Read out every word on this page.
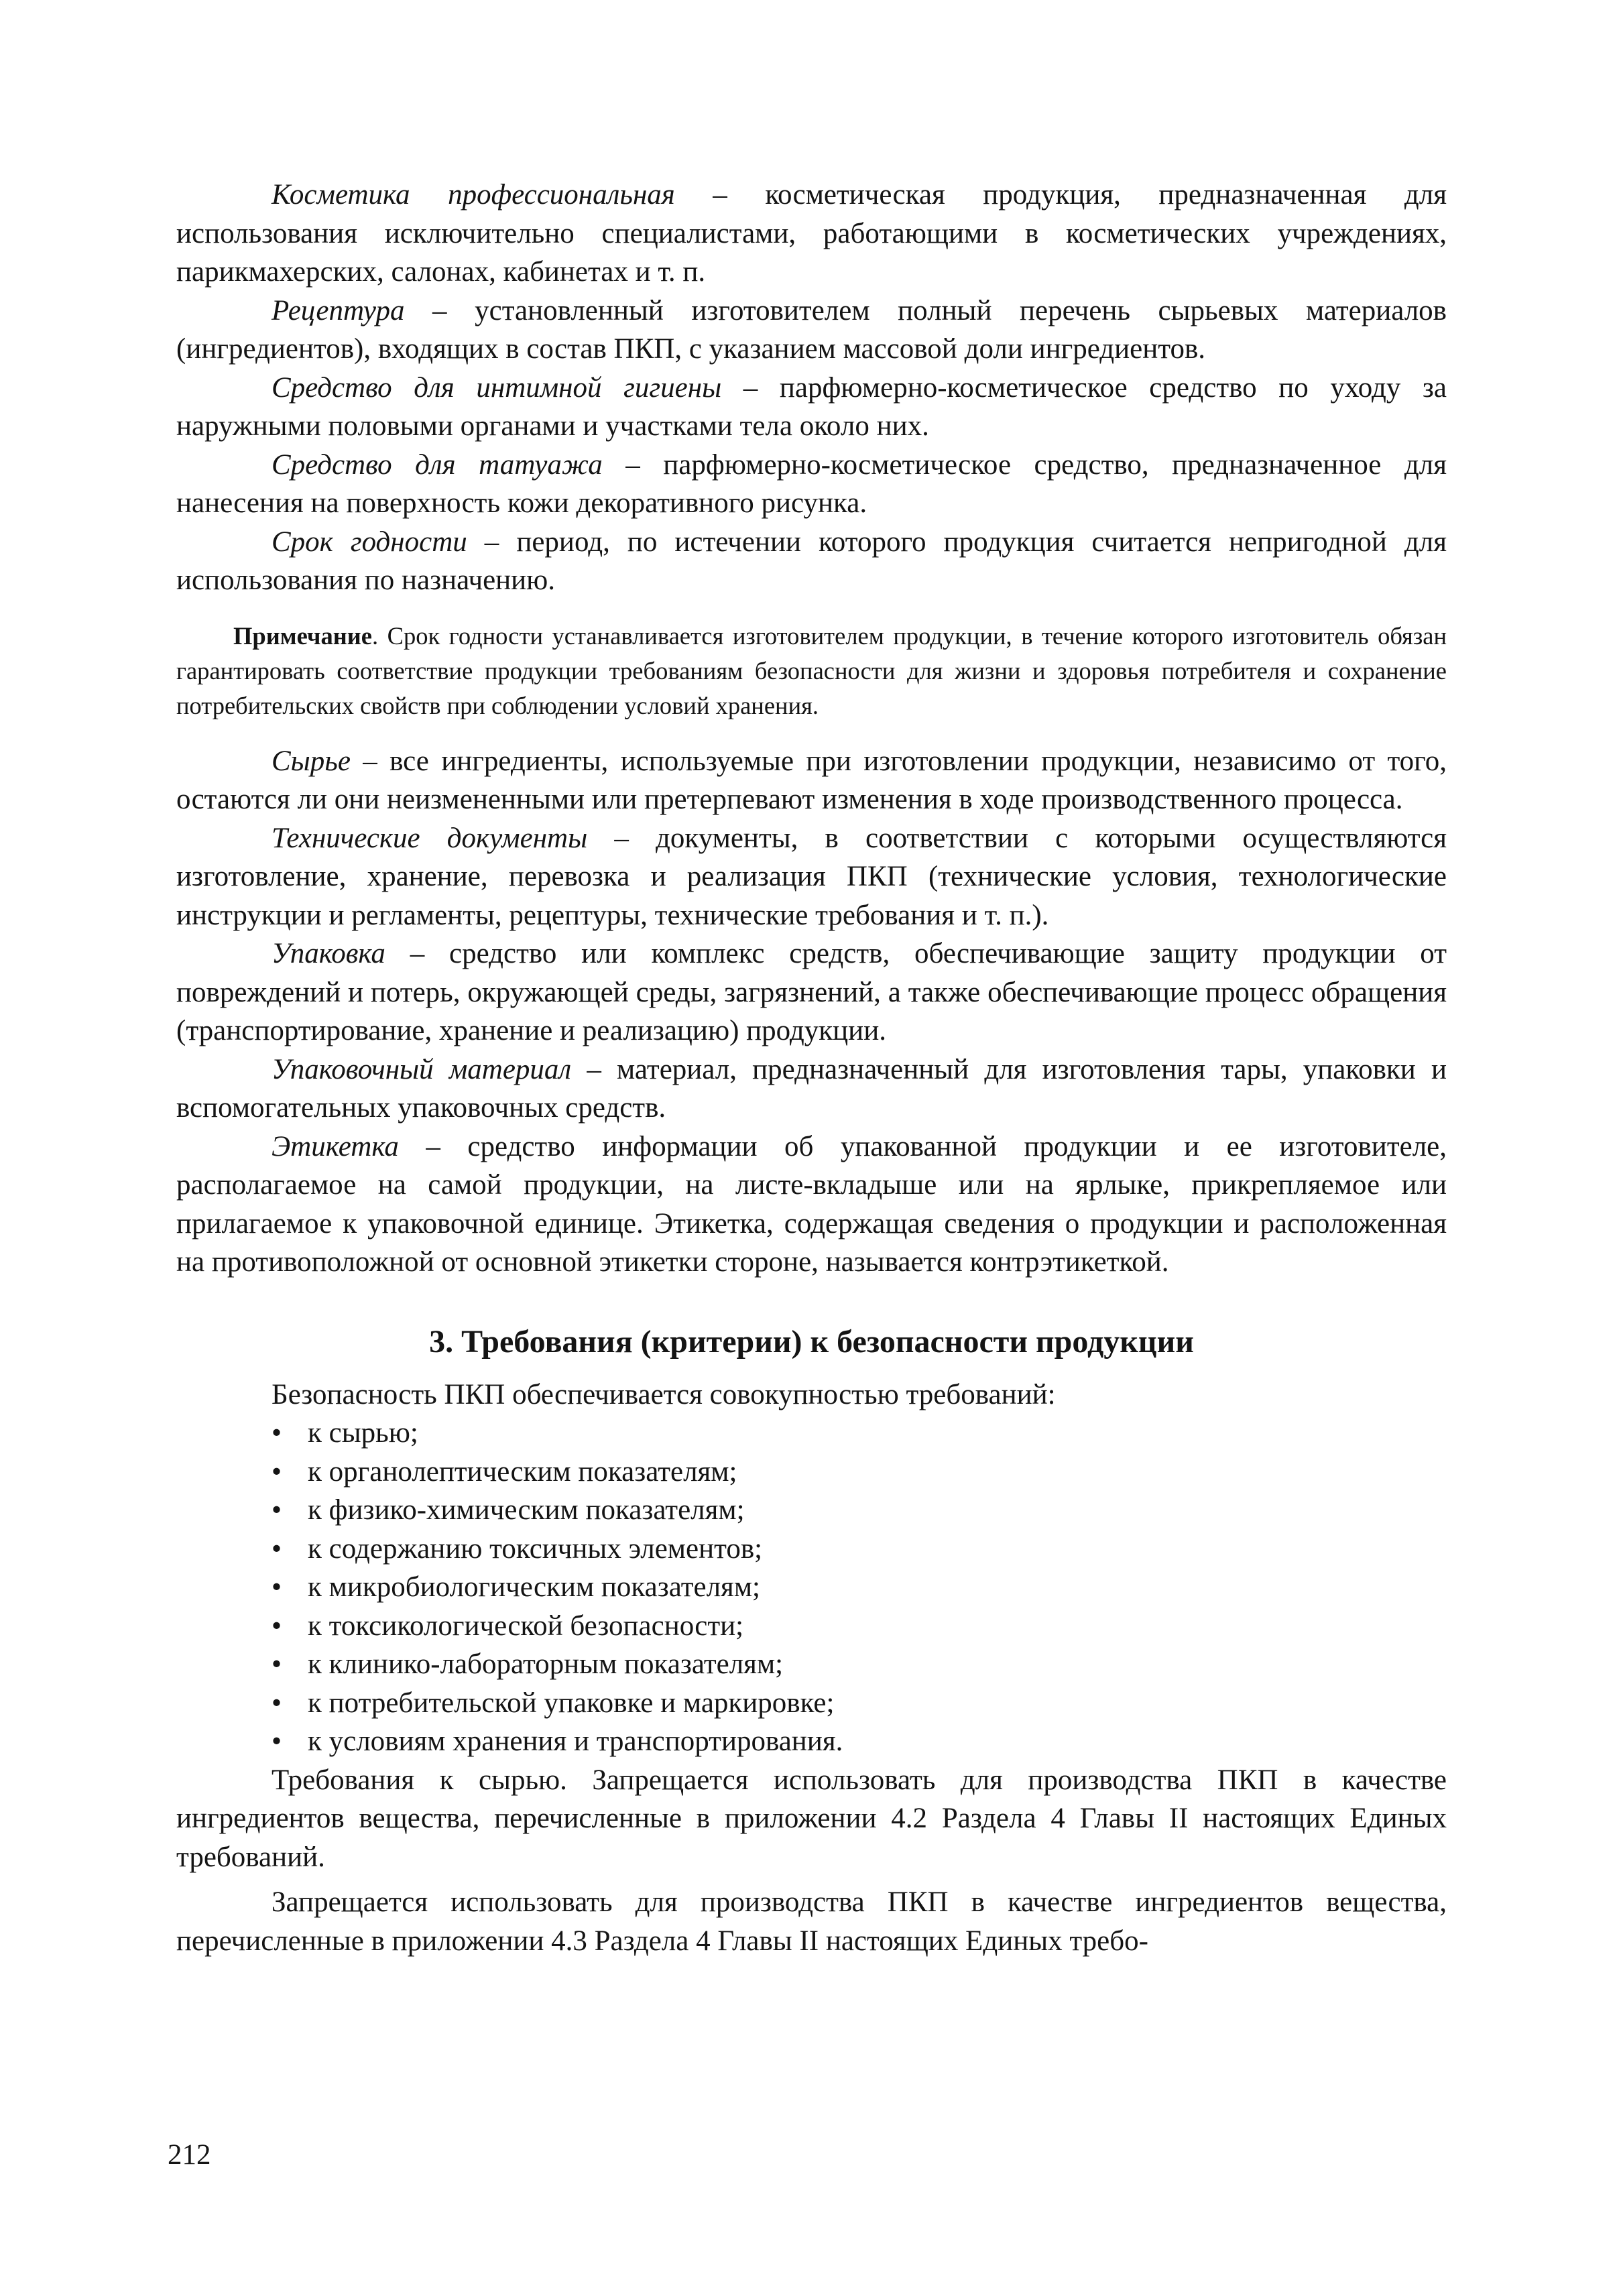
Косметика профессиональная – косметическая продукция, предназначенная для использования исключительно специалистами, работающими в косметических учреждениях, парикмахерских, салонах, кабинетах и т. п.

Рецептура – установленный изготовителем полный перечень сырьевых материалов (ингредиентов), входящих в состав ПКП, с указанием массовой доли ингредиентов.

Средство для интимной гигиены – парфюмерно-косметическое средство по уходу за наружными половыми органами и участками тела около них.

Средство для татуажа – парфюмерно-косметическое средство, предназначенное для нанесения на поверхность кожи декоративного рисунка.

Срок годности – период, по истечении которого продукция считается непригодной для использования по назначению.

Примечание. Срок годности устанавливается изготовителем продукции, в течение которого изготовитель обязан гарантировать соответствие продукции требованиям безопасности для жизни и здоровья потребителя и сохранение потребительских свойств при соблюдении условий хранения.

Сырье – все ингредиенты, используемые при изготовлении продукции, независимо от того, остаются ли они неизмененными или претерпевают изменения в ходе производственного процесса.

Технические документы – документы, в соответствии с которыми осуществляются изготовление, хранение, перевозка и реализация ПКП (технические условия, технологические инструкции и регламенты, рецептуры, технические требования и т. п.).

Упаковка – средство или комплекс средств, обеспечивающие защиту продукции от повреждений и потерь, окружающей среды, загрязнений, а также обеспечивающие процесс обращения (транспортирование, хранение и реализацию) продукции.

Упаковочный материал – материал, предназначенный для изготовления тары, упаковки и вспомогательных упаковочных средств.

Этикетка – средство информации об упакованной продукции и ее изготовителе, располагаемое на самой продукции, на листе-вкладыше или на ярлыке, прикрепляемое или прилагаемое к упаковочной единице. Этикетка, содержащая сведения о продукции и расположенная на противоположной от основной этикетки стороне, называется контрэтикеткой.

3. Требования (критерии) к безопасности продукции

Безопасность ПКП обеспечивается совокупностью требований:

• к сырью;
• к органолептическим показателям;
• к физико-химическим показателям;
• к содержанию токсичных элементов;
• к микробиологическим показателям;
• к токсикологической безопасности;
• к клинико-лабораторным показателям;
• к потребительской упаковке и маркировке;
• к условиям хранения и транспортирования.

Требования к сырью. Запрещается использовать для производства ПКП в качестве ингредиентов вещества, перечисленные в приложении 4.2 Раздела 4 Главы II настоящих Единых требований.

Запрещается использовать для производства ПКП в качестве ингредиентов вещества, перечисленные в приложении 4.3 Раздела 4 Главы II настоящих Единых требо-

212
